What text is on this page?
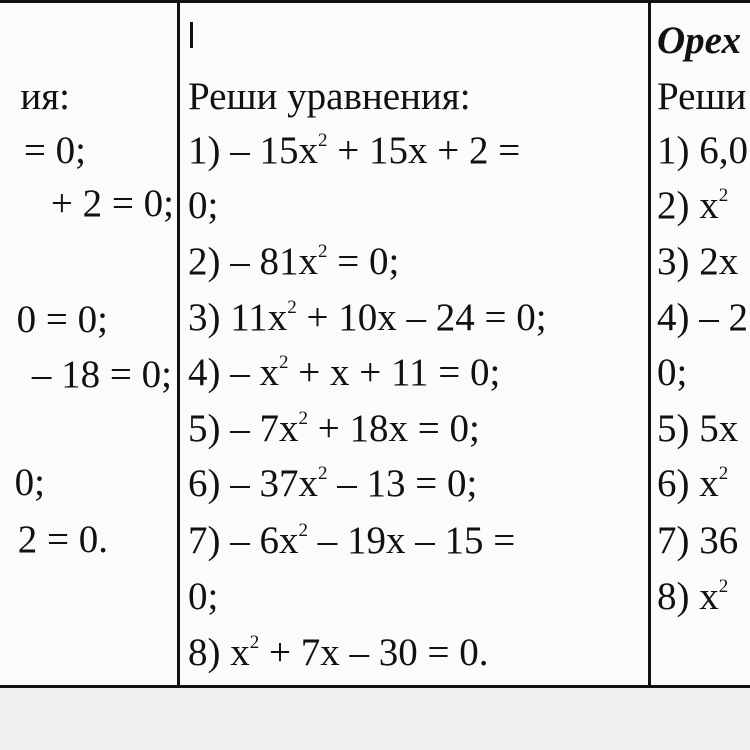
ия:
= 0;
+ 2 = 0;
0 = 0;
– 18 = 0;
0;
2 = 0.
Реши уравнения:
$1) - 15x^2 + 15x + 2$ =
0;
$2) - 81x^2 = 0$;
3) $11x^2 + 10x - 24 = 0$;
$4) - x^2 + x + 11 = 0$;
$5) - 7x^2 + 18x = 0$;
$6) - 37x^2 - 13 = 0$;
$7) - 6x^2 - 19x - 15$ =
0;
8) $x^2 + 7x - 30 = 0$.
Орех
Реши
1) 6,0
2) $x^2$
3) 2x
4) – 2
0;
5) 5x
6) $x^2$
7) 36
8) $x^2$
